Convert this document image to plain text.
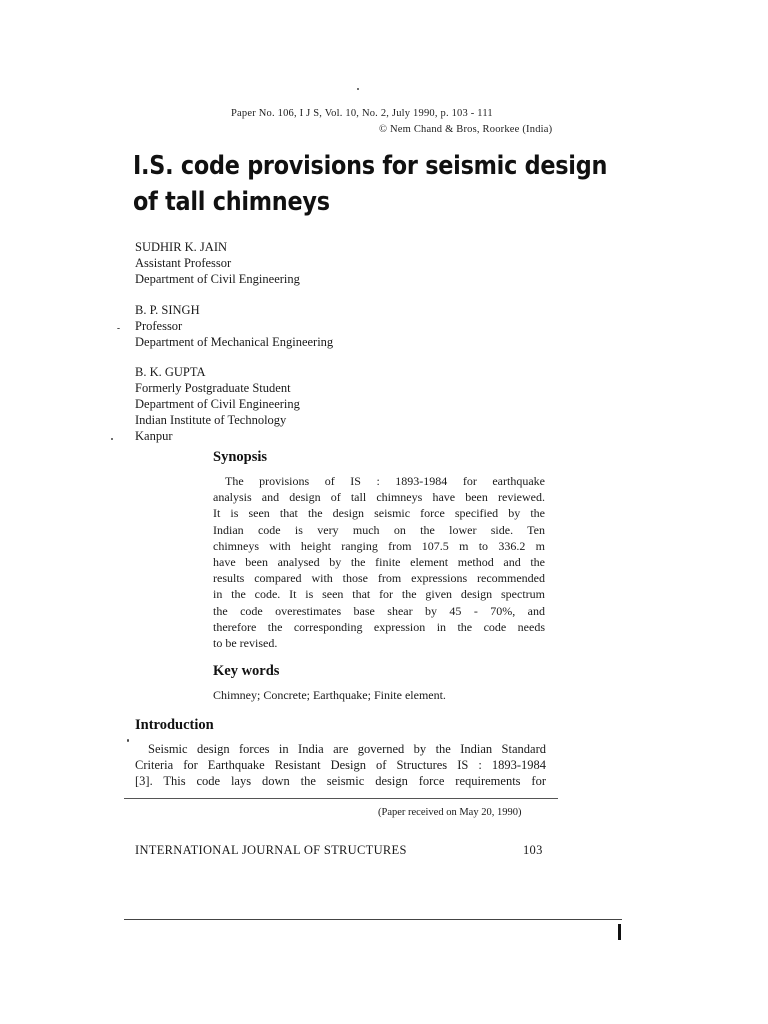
Paper No. 106, I J S, Vol. 10, No. 2, July 1990, p. 103 - 111
© Nem Chand & Bros, Roorkee (India)
I.S. code provisions for seismic design
of tall chimneys
SUDHIR K. JAIN
Assistant Professor
Department of Civil Engineering
B. P. SINGH
Professor
Department of Mechanical Engineering
B. K. GUPTA
Formerly Postgraduate Student
Department of Civil Engineering
Indian Institute of Technology
Kanpur
Synopsis
The provisions of IS : 1893-1984 for earthquake
analysis and design of tall chimneys have been reviewed.
It is seen that the design seismic force specified by the
Indian code is very much on the lower side. Ten
chimneys with height ranging from 107.5 m to 336.2 m
have been analysed by the finite element method and the
results compared with those from expressions recommended
in the code. It is seen that for the given design spectrum
the code overestimates base shear by 45 - 70%, and
therefore the corresponding expression in the code needs
to be revised.
Key words
Chimney; Concrete; Earthquake; Finite element.
Introduction
Seismic design forces in India are governed by the Indian Standard
Criteria for Earthquake Resistant Design of Structures IS : 1893-1984
[3]. This code lays down the seismic design force requirements for
(Paper received on May 20, 1990)
INTERNATIONAL JOURNAL OF STRUCTURES	103
